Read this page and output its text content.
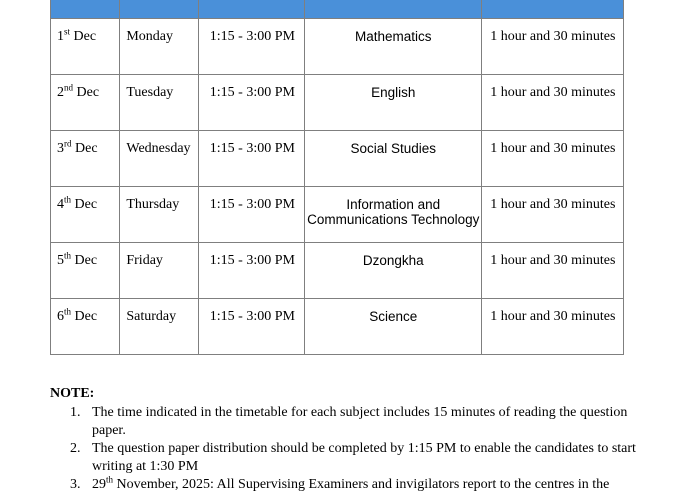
1st Dec	Monday	1:15 - 3:00 PM	Mathematics	1 hour and 30 minutes

2nd Dec	Tuesday	1:15 - 3:00 PM	English	1 hour and 30 minutes

3rd Dec	Wednesday	1:15 - 3:00 PM	Social Studies	1 hour and 30 minutes

4th Dec	Thursday	1:15 - 3:00 PM	Information and Communications Technology	1 hour and 30 minutes

5th Dec	Friday	1:15 - 3:00 PM	Dzongkha	1 hour and 30 minutes

6th Dec	Saturday	1:15 - 3:00 PM	Science	1 hour and 30 minutes
NOTE:
1. The time indicated in the timetable for each subject includes 15 minutes of reading the question paper.
2. The question paper distribution should be completed by 1:15 PM to enable the candidates to start writing at 1:30 PM
3. 29th November, 2025: All Supervising Examiners and invigilators report to the centres in the
